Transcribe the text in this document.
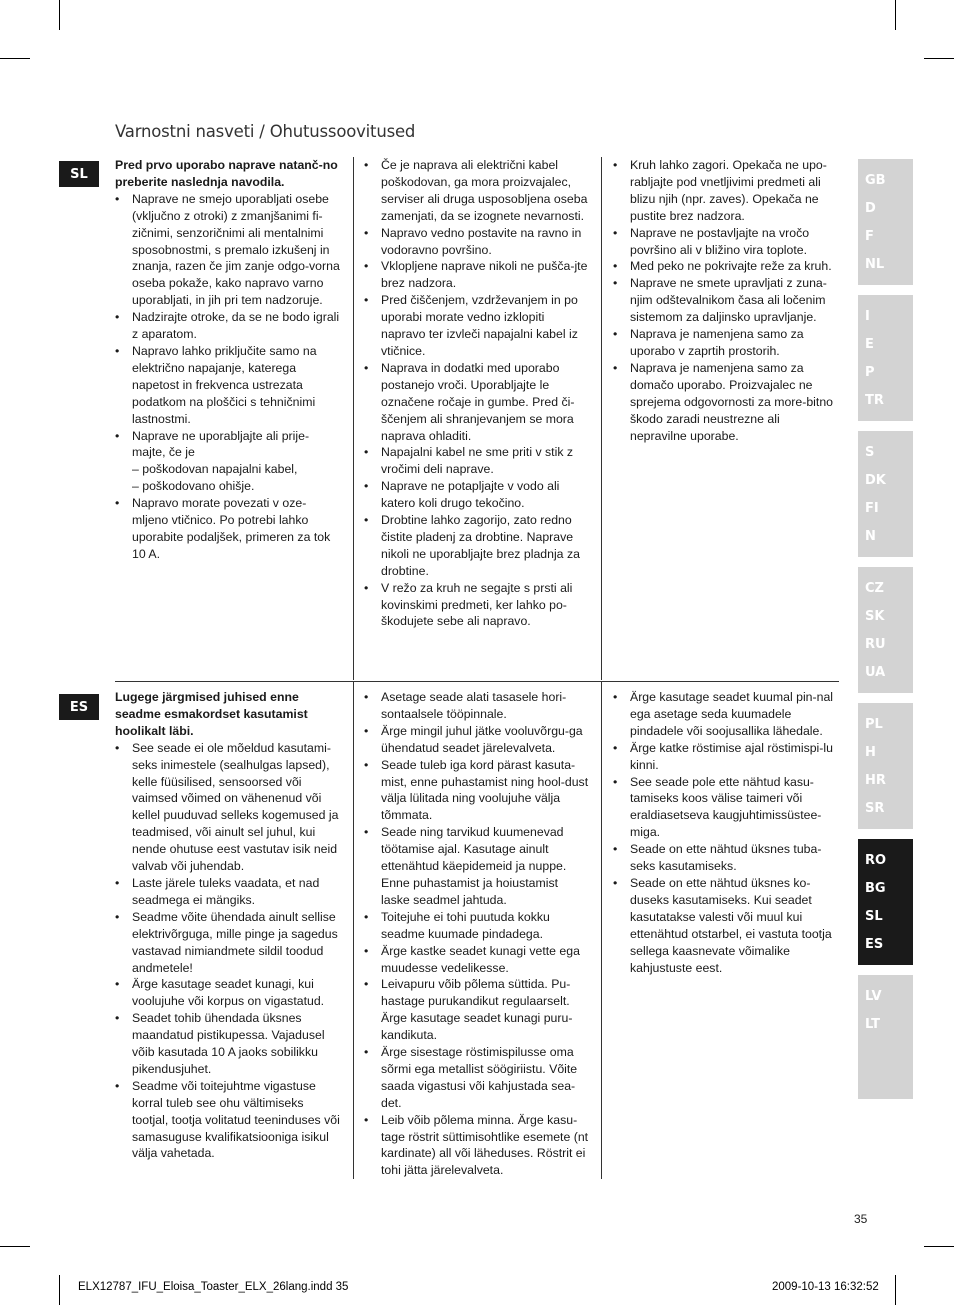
Varnostni nasveti / Ohutussoovitused
SL

Pred prvo uporabo naprave natanč-no preberite naslednja navodila.

• Naprave ne smejo uporabljati osebe (vključno z otroki) z zmanjšanimi fi-zičnimi, senzoričnimi ali mentalnimi sposobnostmi, s premalo izkušenj in znanja, razen če jim zanje odgo-vorna oseba pokaže, kako napravo varno uporabljati, in jih pri tem nadzoruje.
• Nadzirajte otroke, da se ne bodo igrali z aparatom.
• Napravo lahko priključite samo na električno napajanje, katerega napetost in frekvenca ustrezata podatkom na ploščici s tehničnimi lastnostmi.
• Naprave ne uporabljajte ali prije-majte, če je
– poškodovan napajalni kabel,
– poškodovano ohišje.
• Napravo morate povezati v oze-mljeno vtičnico. Po potrebi lahko uporabite podaljšek, primeren za tok 10 A.
• Če je naprava ali električni kabel poškodovan, ga mora proizvajalec, serviser ali druga usposobljena oseba zamenjati, da se izognete nevarnosti.
• Napravo vedno postavite na ravno in vodoravno površino.
• Vklopljene naprave nikoli ne pušča-jte brez nadzora.
• Pred čiščenjem, vzdrževanjem in po uporabi morate vedno izklopiti napravo ter izvleči napajalni kabel iz vtičnice.
• Naprava in dodatki med uporabo postanejo vroči. Uporabljajte le označene ročaje in gumbe. Pred či-ščenjem ali shranjevanjem se mora naprava ohladiti.
• Napajalni kabel ne sme priti v stik z vročimi deli naprave.
• Naprave ne potapljajte v vodo ali katero koli drugo tekočino.
• Drobtine lahko zagorijo, zato redno čistite pladenj za drobtine. Naprave nikoli ne uporabljajte brez pladnja za drobtine.
• V režo za kruh ne segajte s prsti ali kovinskimi predmeti, ker lahko po-škodujete sebe ali napravo.
• Kruh lahko zagori. Opekača ne upo-rabljajte pod vnetljivimi predmeti ali blizu njih (npr. zaves). Opekača ne pustite brez nadzora.
• Naprave ne postavljajte na vročo površino ali v bližino vira toplote.
• Med peko ne pokrivajte reže za kruh.
• Naprave ne smete upravljati z zuna-njim odštevalnikom časa ali ločenim sistemom za daljinsko upravljanje.
• Naprava je namenjena samo za uporabo v zaprtih prostorih.
• Naprava je namenjena samo za domačo uporabo. Proizvajalec ne sprejema odgovornosti za more-bitno škodo zaradi neustrezne ali nepravilne uporabe.
ES

Lugege järgmised juhised enne seadme esmakordset kasutamist hoolikalt läbi.

• See seade ei ole mõeldud kasutami-seks inimestele (sealhulgas lapsed), kelle füüsilised, sensoorsed või vaimsed võimed on vähenenud või kellel puuduvad selleks kogemused ja teadmised, või ainult sel juhul, kui nende ohutuse eest vastutav isik neid valvab või juhendab.
• Laste järele tuleks vaadata, et nad seadmega ei mängiks.
• Seadme võite ühendada ainult sellise elektrivõrguga, mille pinge ja sagedus vastavad nimiandmete sildil toodud andmetele!
• Ärge kasutage seadet kunagi, kui voolujuhe või korpus on vigastatud.
• Seadet tohib ühendada üksnes maandatud pistikupessa. Vajadusel võib kasutada 10 A jaoks sobilikku pikendusjuhet.
• Seadme või toitejuhtme vigastuse korral tuleb see ohu vältimiseks tootjal, tootja volitatud teeninduses või samasuguse kvalifikatsiooniga isikul välja vahetada.
• Asetage seade alati tasasele hori-sontaalsele tööpinnale.
• Ärge mingil juhul jätke vooluvõrgu-ga ühendatud seadet järelevalveta.
• Seade tuleb iga kord pärast kasuta-mist, enne puhastamist ning hool-dust välja lülitada ning voolujuhe välja tõmmata.
• Seade ning tarvikud kuumenevad töötamise ajal. Kasutage ainult ettenähtud käepidemeid ja nuppe. Enne puhastamist ja hoiustamist laske seadmel jahtuda.
• Toitejuhe ei tohi puutuda kokku seadme kuumade pindadega.
• Ärge kastke seadet kunagi vette ega muudesse vedelikesse.
• Leivapuru võib põlema süttida. Pu-hastage purukandikut regulaarselt. Ärge kasutage seadet kunagi puru-kandikuta.
• Ärge sisestage röstimispilusse oma sõrmi ega metallist söögiriistu. Võite saada vigastusi või kahjustada sea-det.
• Leib võib põlema minna. Ärge kasu-tage röstrit süttimisohtlike esemete (nt kardinate) all või läheduses. Röstrit ei tohi jätta järelevalveta.
• Ärge kasutage seadet kuumal pin-nal ega asetage seda kuumadele pindadele või soojusallika lähedale.
• Ärge katke röstimise ajal röstimispi-lu kinni.
• See seade pole ette nähtud kasu-tamiseks koos välise taimeri või eraldiasetseva kaugjuhtimissüstee-miga.
• Seade on ette nähtud üksnes tuba-seks kasutamiseks.
• Seade on ette nähtud üksnes ko-duseks kasutamiseks. Kui seadet kasutatakse valesti või muul kui ettenähtud otstarbel, ei vastuta tootja sellega kaasnevate võimalike kahjustuste eest.
GB
D
F
NL
I
E
P
TR
S
DK
FI
N
CZ
SK
RU
UA
PL
H
HR
SR
RO
BG
SL
ES
LV
LT
35
ELX12787_IFU_Eloisa_Toaster_ELX_26lang.indd 35	2009-10-13 16:32:52
